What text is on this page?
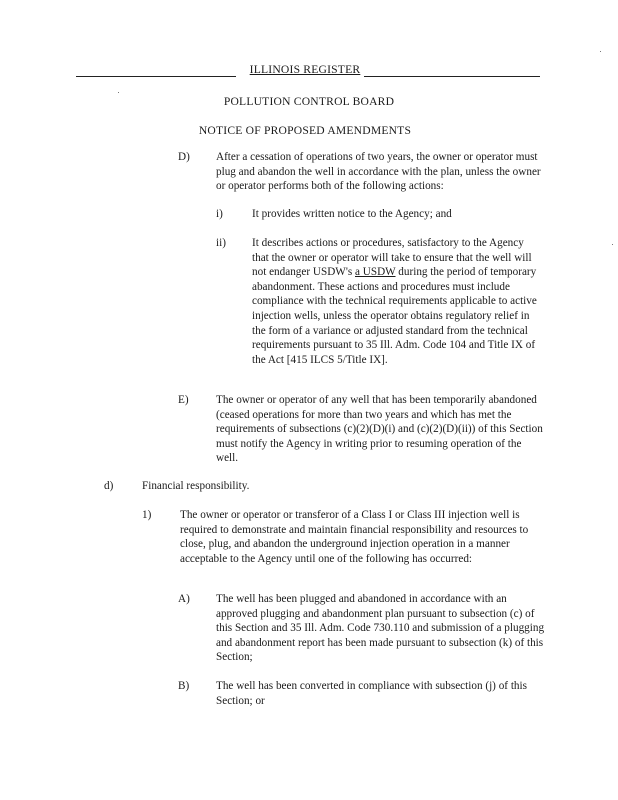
ILLINOIS REGISTER
POLLUTION CONTROL BOARD
NOTICE OF PROPOSED AMENDMENTS
D) After a cessation of operations of two years, the owner or operator must plug and abandon the well in accordance with the plan, unless the owner or operator performs both of the following actions:
i)	It provides written notice to the Agency; and
ii) It describes actions or procedures, satisfactory to the Agency that the owner or operator will take to ensure that the well will not endanger USDW's a USDW during the period of temporary abandonment. These actions and procedures must include compliance with the technical requirements applicable to active injection wells, unless the operator obtains regulatory relief in the form of a variance or adjusted standard from the technical requirements pursuant to 35 Ill. Adm. Code 104 and Title IX of the Act [415 ILCS 5/Title IX].
E) The owner or operator of any well that has been temporarily abandoned (ceased operations for more than two years and which has met the requirements of subsections (c)(2)(D)(i) and (c)(2)(D)(ii)) of this Section must notify the Agency in writing prior to resuming operation of the well.
d)	Financial responsibility.
1)	The owner or operator or transferor of a Class I or Class III injection well is required to demonstrate and maintain financial responsibility and resources to close, plug, and abandon the underground injection operation in a manner acceptable to the Agency until one of the following has occurred:
A) The well has been plugged and abandoned in accordance with an approved plugging and abandonment plan pursuant to subsection (c) of this Section and 35 Ill. Adm. Code 730.110 and submission of a plugging and abandonment report has been made pursuant to subsection (k) of this Section;
B) The well has been converted in compliance with subsection (j) of this Section; or
